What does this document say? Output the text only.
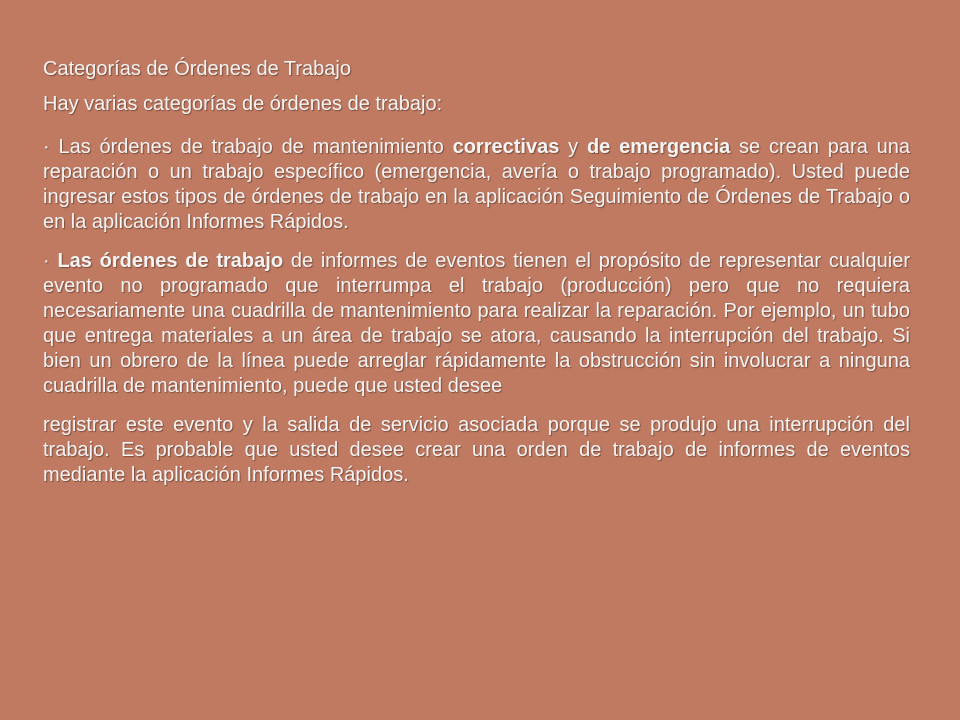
Categorías de Órdenes de Trabajo

Hay varias categorías de órdenes de trabajo:

· Las órdenes de trabajo de mantenimiento correctivas y de emergencia se crean para una reparación o un trabajo específico (emergencia, avería o trabajo programado). Usted puede ingresar estos tipos de órdenes de trabajo en la aplicación Seguimiento de Órdenes de Trabajo o en la aplicación Informes Rápidos.

· Las órdenes de trabajo de informes de eventos tienen el propósito de representar cualquier evento no programado que interrumpa el trabajo (producción) pero que no requiera necesariamente una cuadrilla de mantenimiento para realizar la reparación. Por ejemplo, un tubo que entrega materiales a un área de trabajo se atora, causando la interrupción del trabajo. Si bien un obrero de la línea puede arreglar rápidamente la obstrucción sin involucrar a ninguna cuadrilla de mantenimiento, puede que usted desee

registrar este evento y la salida de servicio asociada porque se produjo una interrupción del trabajo. Es probable que usted desee crear una orden de trabajo de informes de eventos mediante la aplicación Informes Rápidos.
